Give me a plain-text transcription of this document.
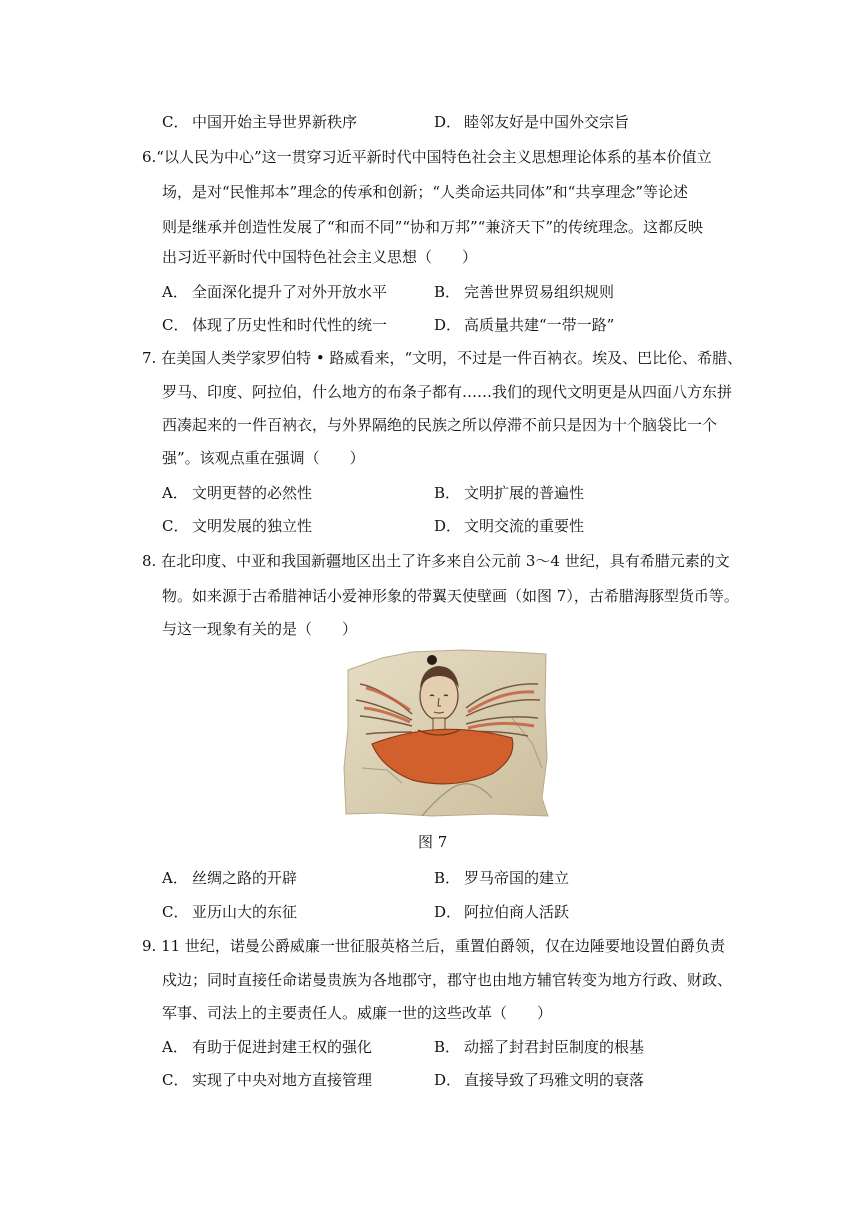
C． 中国开始主导世界新秩序	D． 睦邻友好是中国外交宗旨
6.“以人民为中心”这一贯穿习近平新时代中国特色社会主义思想理论体系的基本价值立
场，是对“民惟邦本”理念的传承和创新；“人类命运共同体”和“共享理念”等论述
则是继承并创造性发展了“和而不同”“协和万邦”“兼济天下”的传统理念。这都反映
出习近平新时代中国特色社会主义思想（　　）
A． 全面深化提升了对外开放水平	B． 完善世界贸易组织规则
C． 体现了历史性和时代性的统一	D． 高质量共建“一带一路”
7. 在美国人类学家罗伯特 • 路威看来，“文明，不过是一件百衲衣。埃及、巴比伦、希腊、
罗马、印度、阿拉伯，什么地方的布条子都有……我们的现代文明更是从四面八方东拼
西凑起来的一件百衲衣，与外界隔绝的民族之所以停滞不前只是因为十个脑袋比一个
强”。该观点重在强调（　　）
A． 文明更替的必然性	B． 文明扩展的普遍性
C． 文明发展的独立性	D． 文明交流的重要性
8. 在北印度、中亚和我国新疆地区出土了许多来自公元前 3～4 世纪，具有希腊元素的文
物。如来源于古希腊神话小爱神形象的带翼天使壁画（如图 7），古希腊海豚型货币等。
与这一现象有关的是（　　）
图 7
A． 丝绸之路的开辟	B． 罗马帝国的建立
C． 亚历山大的东征	D． 阿拉伯商人活跃
9. 11 世纪，诺曼公爵威廉一世征服英格兰后，重置伯爵领，仅在边陲要地设置伯爵负责
戍边；同时直接任命诺曼贵族为各地郡守，郡守也由地方辅官转变为地方行政、财政、
军事、司法上的主要责任人。威廉一世的这些改革（　　）
A． 有助于促进封建王权的强化	B． 动摇了封君封臣制度的根基
C． 实现了中央对地方直接管理	D． 直接导致了玛雅文明的衰落
